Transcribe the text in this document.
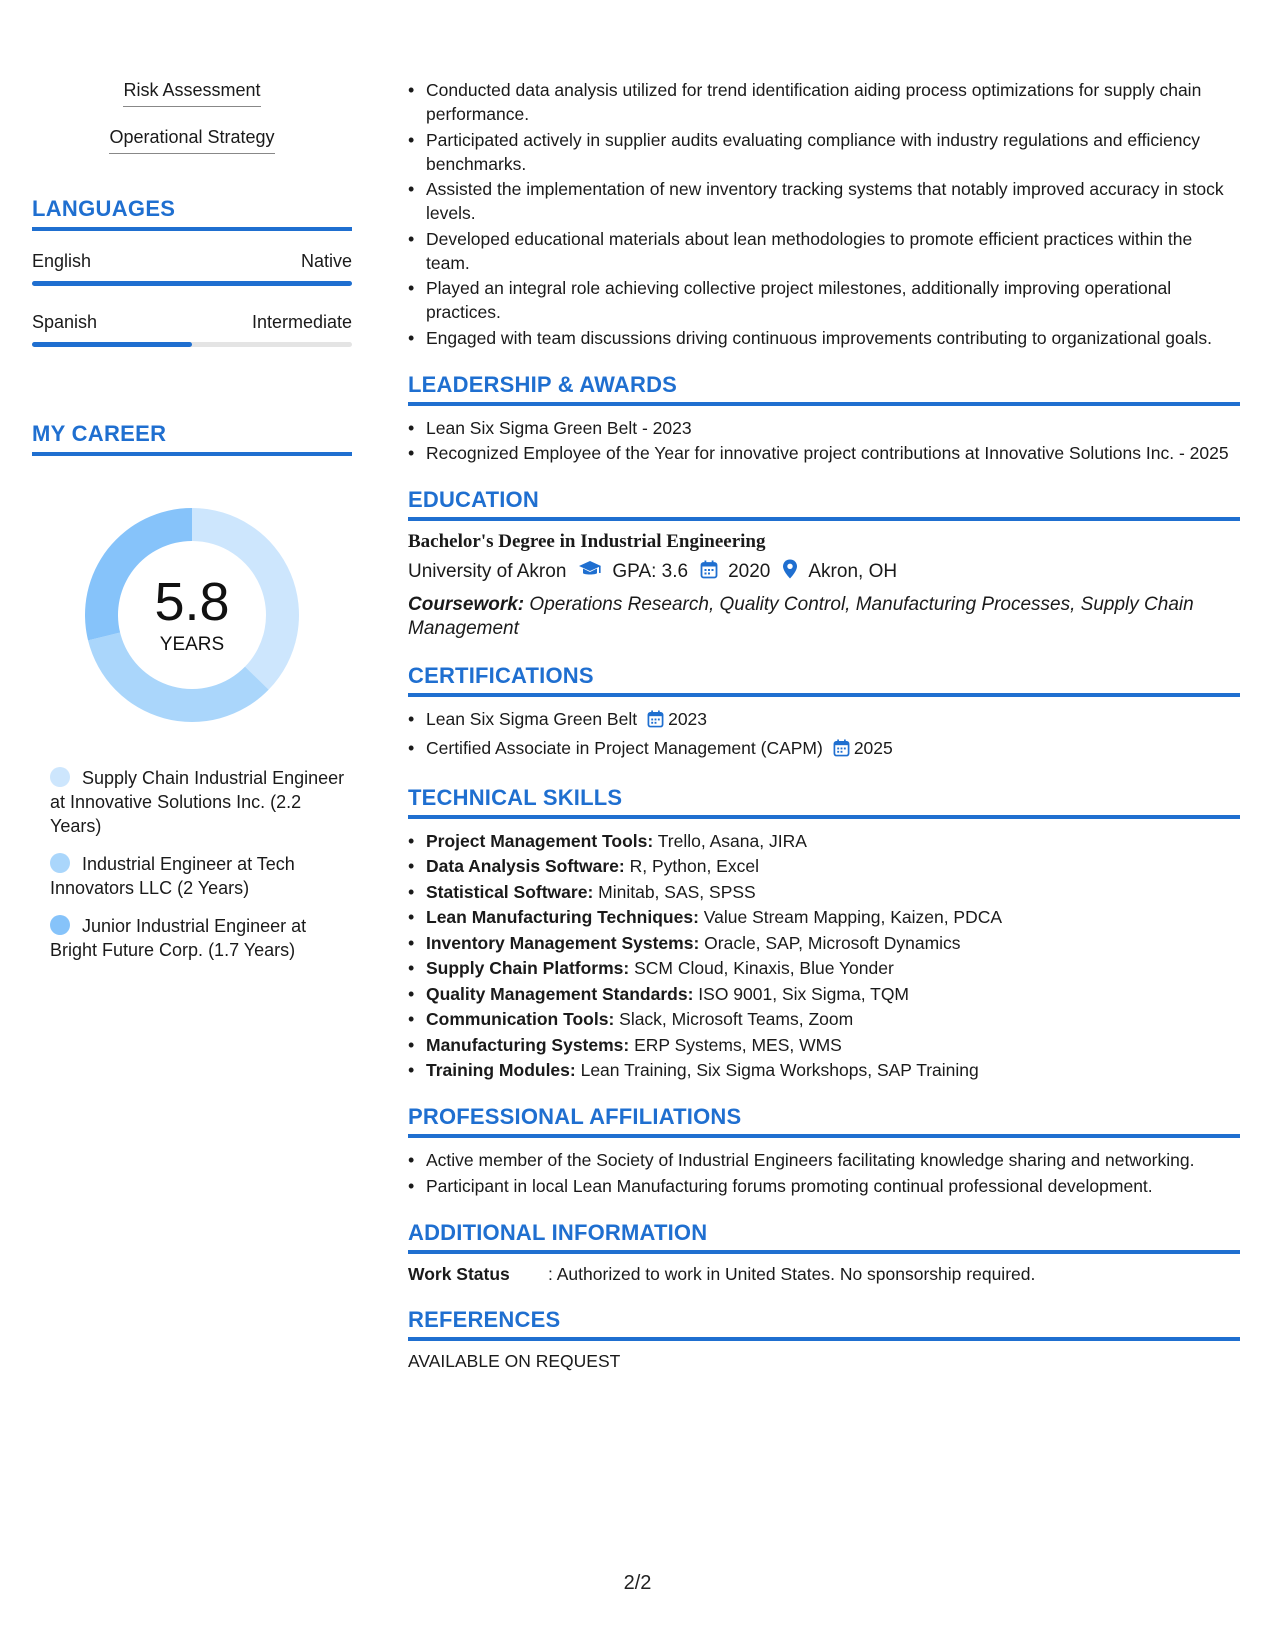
Risk Assessment
Operational Strategy
LANGUAGES
English	Native
Spanish	Intermediate
MY CAREER
5.8
YEARS
Supply Chain Industrial Engineer at Innovative Solutions Inc. (2.2 Years)
Industrial Engineer at Tech Innovators LLC (2 Years)
Junior Industrial Engineer at Bright Future Corp. (1.7 Years)
• Conducted data analysis utilized for trend identification aiding process optimizations for supply chain performance.
• Participated actively in supplier audits evaluating compliance with industry regulations and efficiency benchmarks.
• Assisted the implementation of new inventory tracking systems that notably improved accuracy in stock levels.
• Developed educational materials about lean methodologies to promote efficient practices within the team.
• Played an integral role achieving collective project milestones, additionally improving operational practices.
• Engaged with team discussions driving continuous improvements contributing to organizational goals.
LEADERSHIP & AWARDS
• Lean Six Sigma Green Belt - 2023
• Recognized Employee of the Year for innovative project contributions at Innovative Solutions Inc. - 2025
EDUCATION
Bachelor's Degree in Industrial Engineering
University of Akron GPA: 3.6 2020 Akron, OH
Coursework: Operations Research, Quality Control, Manufacturing Processes, Supply Chain Management
CERTIFICATIONS
• Lean Six Sigma Green Belt 2023
• Certified Associate in Project Management (CAPM) 2025
TECHNICAL SKILLS
• Project Management Tools: Trello, Asana, JIRA
• Data Analysis Software: R, Python, Excel
• Statistical Software: Minitab, SAS, SPSS
• Lean Manufacturing Techniques: Value Stream Mapping, Kaizen, PDCA
• Inventory Management Systems: Oracle, SAP, Microsoft Dynamics
• Supply Chain Platforms: SCM Cloud, Kinaxis, Blue Yonder
• Quality Management Standards: ISO 9001, Six Sigma, TQM
• Communication Tools: Slack, Microsoft Teams, Zoom
• Manufacturing Systems: ERP Systems, MES, WMS
• Training Modules: Lean Training, Six Sigma Workshops, SAP Training
PROFESSIONAL AFFILIATIONS
• Active member of the Society of Industrial Engineers facilitating knowledge sharing and networking.
• Participant in local Lean Manufacturing forums promoting continual professional development.
ADDITIONAL INFORMATION
Work Status	: Authorized to work in United States. No sponsorship required.
REFERENCES
AVAILABLE ON REQUEST
2/2
